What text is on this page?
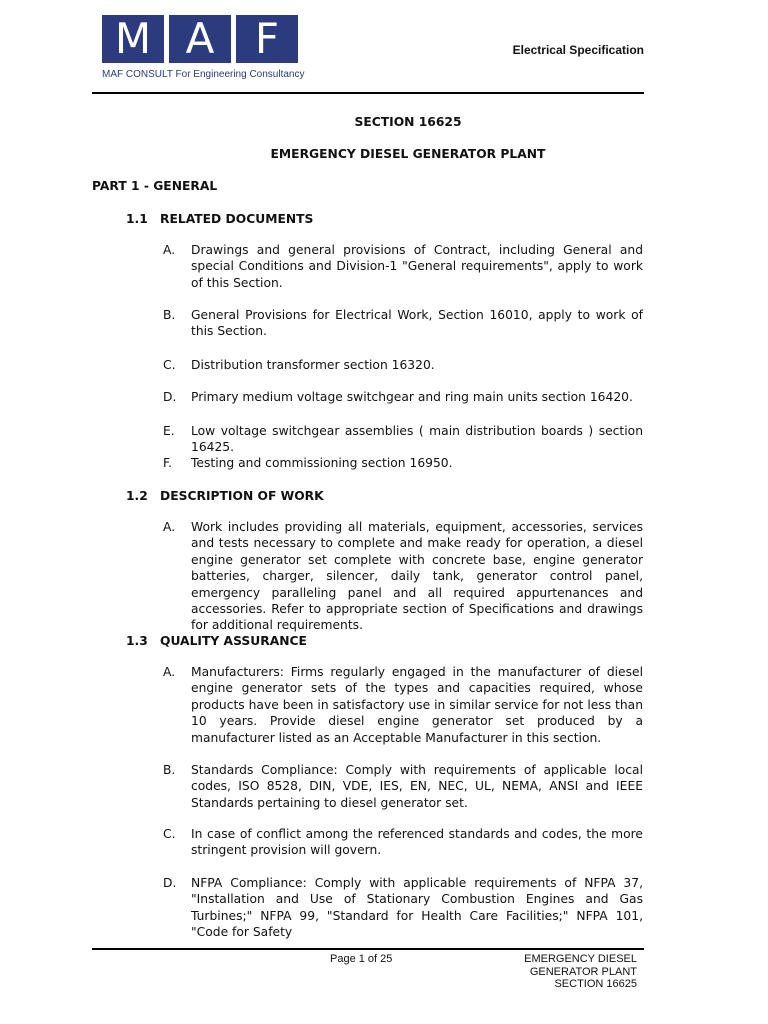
M A F
MAF CONSULT For Engineering Consultancy
Electrical Specification
SECTION 16625
EMERGENCY DIESEL GENERATOR PLANT
PART 1 - GENERAL
1.1 RELATED DOCUMENTS
A. Drawings and general provisions of Contract, including General and special Conditions and Division-1 "General requirements", apply to work of this Section.
B. General Provisions for Electrical Work, Section 16010, apply to work of this Section.
C. Distribution transformer section 16320.
D. Primary medium voltage switchgear and ring main units section 16420.
E. Low voltage switchgear assemblies ( main distribution boards ) section 16425.
F. Testing and commissioning section 16950.
1.2 DESCRIPTION OF WORK
A. Work includes providing all materials, equipment, accessories, services and tests necessary to complete and make ready for operation, a diesel engine generator set complete with concrete base, engine generator batteries, charger, silencer, daily tank, generator control panel, emergency paralleling panel and all required appurtenances and accessories. Refer to appropriate section of Specifications and drawings for additional requirements.
1.3 QUALITY ASSURANCE
A. Manufacturers: Firms regularly engaged in the manufacturer of diesel engine generator sets of the types and capacities required, whose products have been in satisfactory use in similar service for not less than 10 years. Provide diesel engine generator set produced by a manufacturer listed as an Acceptable Manufacturer in this section.
B. Standards Compliance: Comply with requirements of applicable local codes, ISO 8528, DIN, VDE, IES, EN, NEC, UL, NEMA, ANSI and IEEE Standards pertaining to diesel generator set.
C. In case of conflict among the referenced standards and codes, the more stringent provision will govern.
D. NFPA Compliance: Comply with applicable requirements of NFPA 37, "Installation and Use of Stationary Combustion Engines and Gas Turbines;" NFPA 99, "Standard for Health Care Facilities;" NFPA 101, "Code for Safety
Page 1 of 25	EMERGENCY DIESEL
GENERATOR PLANT
SECTION 16625
